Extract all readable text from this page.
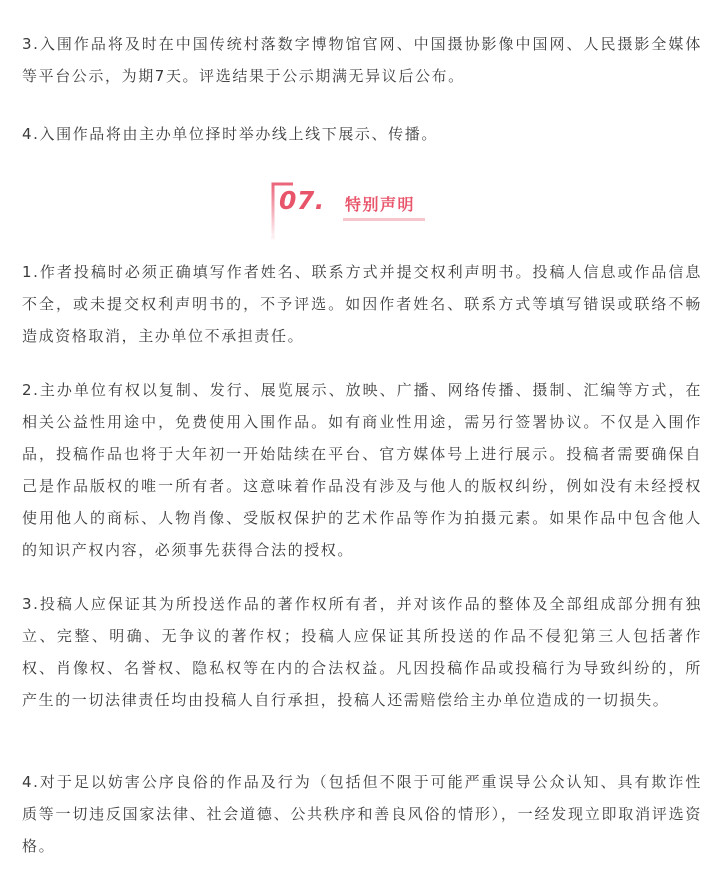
3.入围作品将及时在中国传统村落数字博物馆官网、中国摄协影像中国网、人民摄影全媒体等平台公示，为期7天。评选结果于公示期满无异议后公布。

4.入围作品将由主办单位择时举办线上线下展示、传播。

07. 特别声明

1.作者投稿时必须正确填写作者姓名、联系方式并提交权利声明书。投稿人信息或作品信息不全，或未提交权利声明书的，不予评选。如因作者姓名、联系方式等填写错误或联络不畅造成资格取消，主办单位不承担责任。

2.主办单位有权以复制、发行、展览展示、放映、广播、网络传播、摄制、汇编等方式，在相关公益性用途中，免费使用入围作品。如有商业性用途，需另行签署协议。不仅是入围作品，投稿作品也将于大年初一开始陆续在平台、官方媒体号上进行展示。投稿者需要确保自己是作品版权的唯一所有者。这意味着作品没有涉及与他人的版权纠纷，例如没有未经授权使用他人的商标、人物肖像、受版权保护的艺术作品等作为拍摄元素。如果作品中包含他人的知识产权内容，必须事先获得合法的授权。

3.投稿人应保证其为所投送作品的著作权所有者，并对该作品的整体及全部组成部分拥有独立、完整、明确、无争议的著作权；投稿人应保证其所投送的作品不侵犯第三人包括著作权、肖像权、名誉权、隐私权等在内的合法权益。凡因投稿作品或投稿行为导致纠纷的，所产生的一切法律责任均由投稿人自行承担，投稿人还需赔偿给主办单位造成的一切损失。

4.对于足以妨害公序良俗的作品及行为（包括但不限于可能严重误导公众认知、具有欺诈性质等一切违反国家法律、社会道德、公共秩序和善良风俗的情形），一经发现立即取消评选资格。
